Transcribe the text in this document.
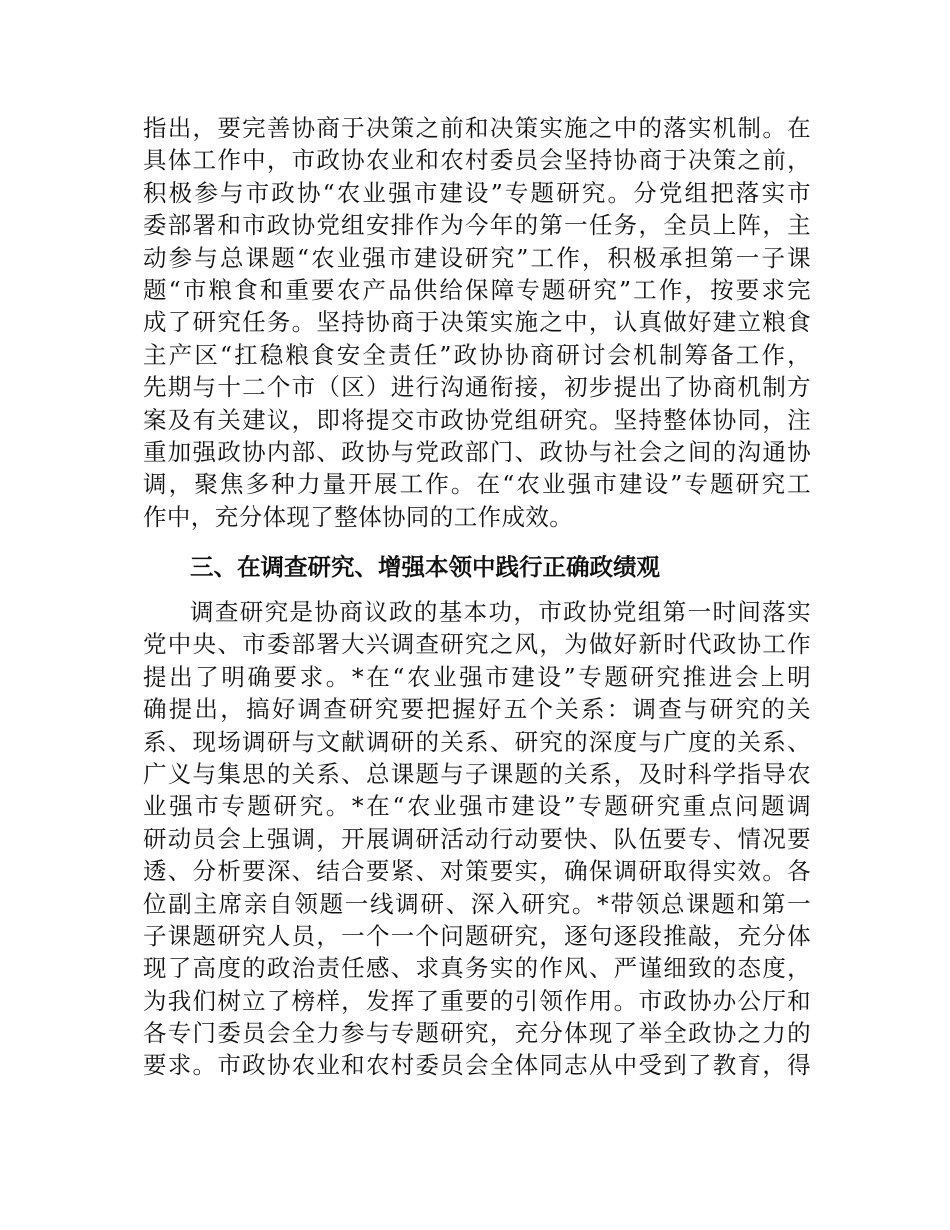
指出，要完善协商于决策之前和决策实施之中的落实机制。在
具体工作中，市政协农业和农村委员会坚持协商于决策之前，
积极参与市政协“农业强市建设”专题研究。分党组把落实市
委部署和市政协党组安排作为今年的第一任务，全员上阵，主
动参与总课题“农业强市建设研究”工作，积极承担第一子课
题“市粮食和重要农产品供给保障专题研究”工作，按要求完
成了研究任务。坚持协商于决策实施之中，认真做好建立粮食
主产区“扛稳粮食安全责任”政协协商研讨会机制筹备工作，
先期与十二个市（区）进行沟通衔接，初步提出了协商机制方
案及有关建议，即将提交市政协党组研究。坚持整体协同，注
重加强政协内部、政协与党政部门、政协与社会之间的沟通协
调，聚焦多种力量开展工作。在“农业强市建设”专题研究工
作中，充分体现了整体协同的工作成效。
三、在调查研究、增强本领中践行正确政绩观
调查研究是协商议政的基本功，市政协党组第一时间落实
党中央、市委部署大兴调查研究之风，为做好新时代政协工作
提出了明确要求。*在“农业强市建设”专题研究推进会上明
确提出，搞好调查研究要把握好五个关系：调查与研究的关
系、现场调研与文献调研的关系、研究的深度与广度的关系、
广义与集思的关系、总课题与子课题的关系，及时科学指导农
业强市专题研究。*在“农业强市建设”专题研究重点问题调
研动员会上强调，开展调研活动行动要快、队伍要专、情况要
透、分析要深、结合要紧、对策要实，确保调研取得实效。各
位副主席亲自领题一线调研、深入研究。*带领总课题和第一
子课题研究人员，一个一个问题研究，逐句逐段推敲，充分体
现了高度的政治责任感、求真务实的作风、严谨细致的态度，
为我们树立了榜样，发挥了重要的引领作用。市政协办公厅和
各专门委员会全力参与专题研究，充分体现了举全政协之力的
要求。市政协农业和农村委员会全体同志从中受到了教育，得
